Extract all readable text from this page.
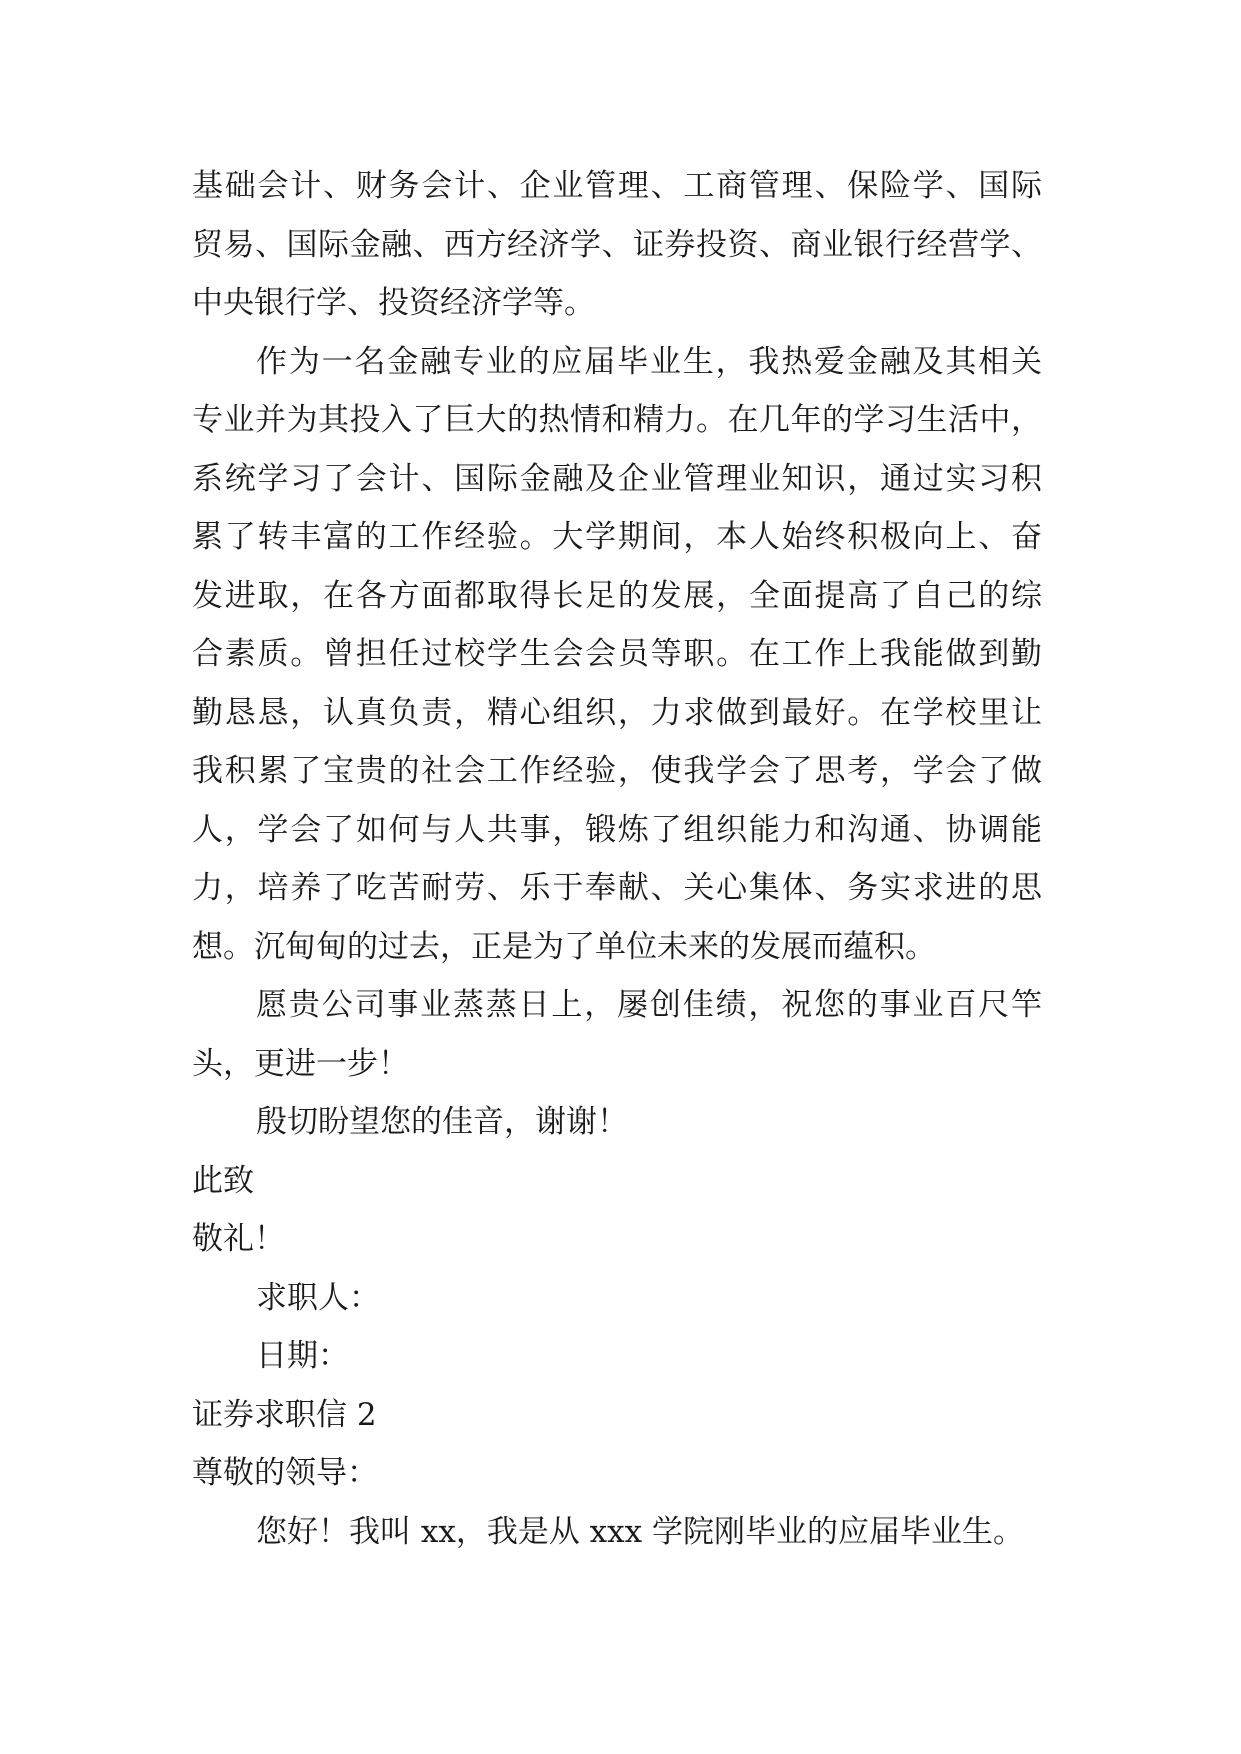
基础会计、财务会计、企业管理、工商管理、保险学、国际
贸易、国际金融、西方经济学、证券投资、商业银行经营学、
中央银行学、投资经济学等。
作为一名金融专业的应届毕业生，我热爱金融及其相关
专业并为其投入了巨大的热情和精力。在几年的学习生活中，
系统学习了会计、国际金融及企业管理业知识，通过实习积
累了转丰富的工作经验。大学期间，本人始终积极向上、奋
发进取，在各方面都取得长足的发展，全面提高了自己的综
合素质。曾担任过校学生会会员等职。在工作上我能做到勤
勤恳恳，认真负责，精心组织，力求做到最好。在学校里让
我积累了宝贵的社会工作经验，使我学会了思考，学会了做
人，学会了如何与人共事，锻炼了组织能力和沟通、协调能
力，培养了吃苦耐劳、乐于奉献、关心集体、务实求进的思
想。沉甸甸的过去，正是为了单位未来的发展而蕴积。
愿贵公司事业蒸蒸日上，屡创佳绩，祝您的事业百尺竿
头，更进一步！
殷切盼望您的佳音，谢谢！
此致
敬礼！
求职人：
日期：
证券求职信 2
尊敬的领导：
您好！我叫 xx，我是从 xxx 学院刚毕业的应届毕业生。
